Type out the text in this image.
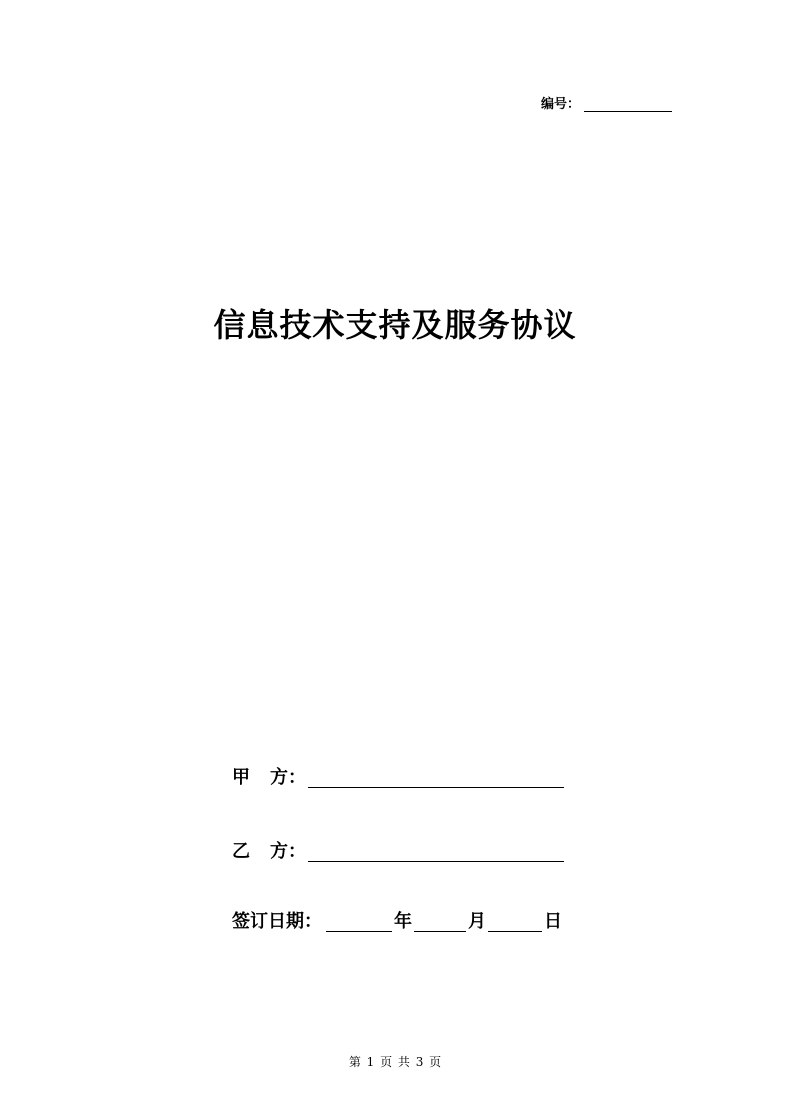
编号：
信息技术支持及服务协议
甲 方：
乙 方：
签订日期：	年	月	日
第 1 页 共 3 页
